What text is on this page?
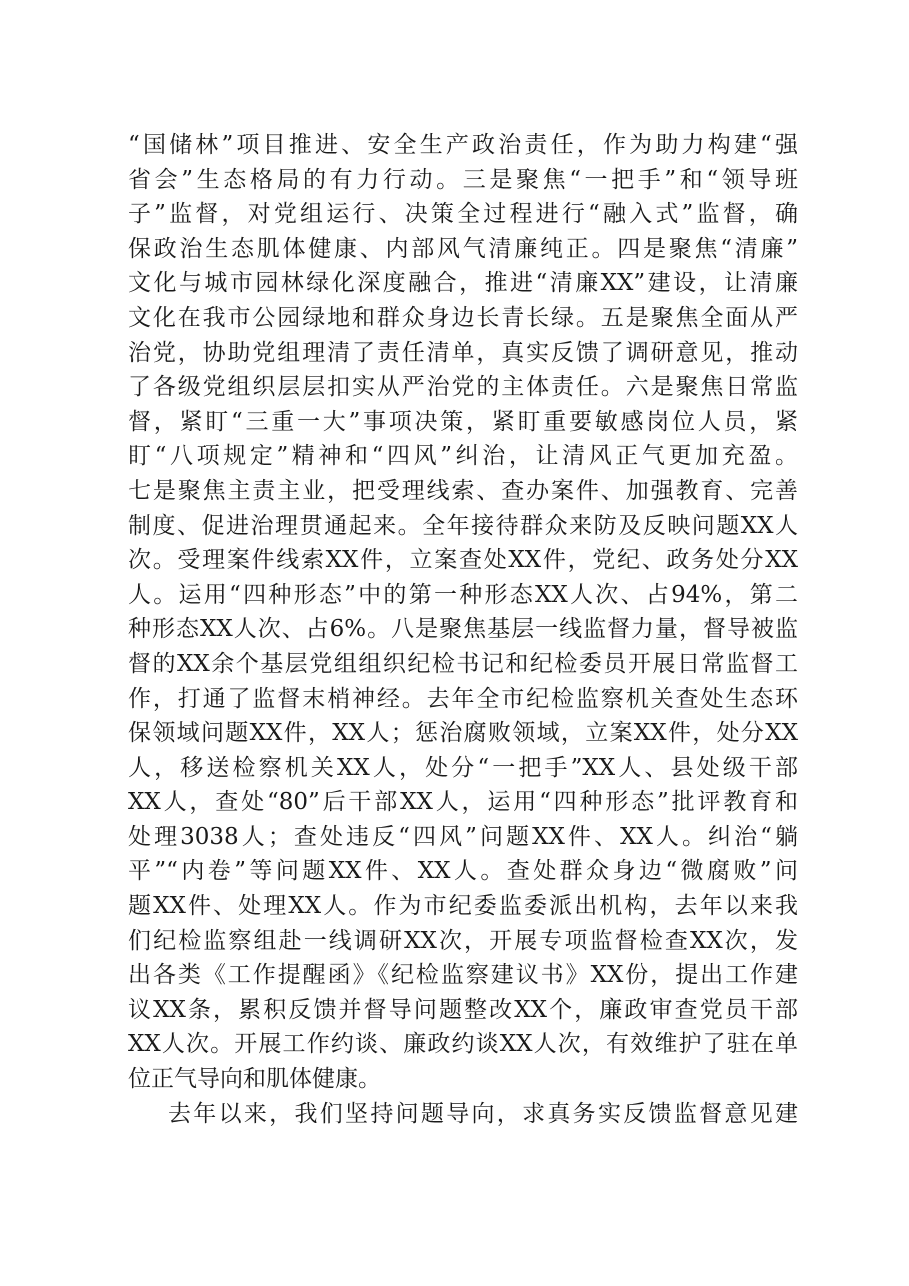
“国储林”项目推进、安全生产政治责任，作为助力构建“强
省会”生态格局的有力行动。三是聚焦“一把手”和“领导班
子”监督，对党组运行、决策全过程进行“融入式”监督，确
保政治生态肌体健康、内部风气清廉纯正。四是聚焦“清廉”
文化与城市园林绿化深度融合，推进“清廉XX”建设，让清廉
文化在我市公园绿地和群众身边长青长绿。五是聚焦全面从严
治党，协助党组理清了责任清单，真实反馈了调研意见，推动
了各级党组织层层扣实从严治党的主体责任。六是聚焦日常监
督，紧盯“三重一大”事项决策，紧盯重要敏感岗位人员，紧
盯“八项规定”精神和“四风”纠治，让清风正气更加充盈。
七是聚焦主责主业，把受理线索、查办案件、加强教育、完善
制度、促进治理贯通起来。全年接待群众来防及反映问题XX人
次。受理案件线索XX件，立案查处XX件，党纪、政务处分XX
人。运用“四种形态”中的第一种形态XX人次、占94%，第二
种形态XX人次、占6%。八是聚焦基层一线监督力量，督导被监
督的XX余个基层党组组织纪检书记和纪检委员开展日常监督工
作，打通了监督末梢神经。去年全市纪检监察机关查处生态环
保领域问题XX件，XX人；惩治腐败领域，立案XX件，处分XX
人，移送检察机关XX人，处分“一把手”XX人、县处级干部
XX人，查处“80”后干部XX人，运用“四种形态”批评教育和
处理3038人；查处违反“四风”问题XX件、XX人。纠治“躺
平”“内卷”等问题XX件、XX人。查处群众身边“微腐败”问
题XX件、处理XX人。作为市纪委监委派出机构，去年以来我
们纪检监察组赴一线调研XX次，开展专项监督检查XX次，发
出各类《工作提醒函》《纪检监察建议书》XX份，提出工作建
议XX条，累积反馈并督导问题整改XX个，廉政审查党员干部
XX人次。开展工作约谈、廉政约谈XX人次，有效维护了驻在单
位正气导向和肌体健康。
去年以来，我们坚持问题导向，求真务实反馈监督意见建
